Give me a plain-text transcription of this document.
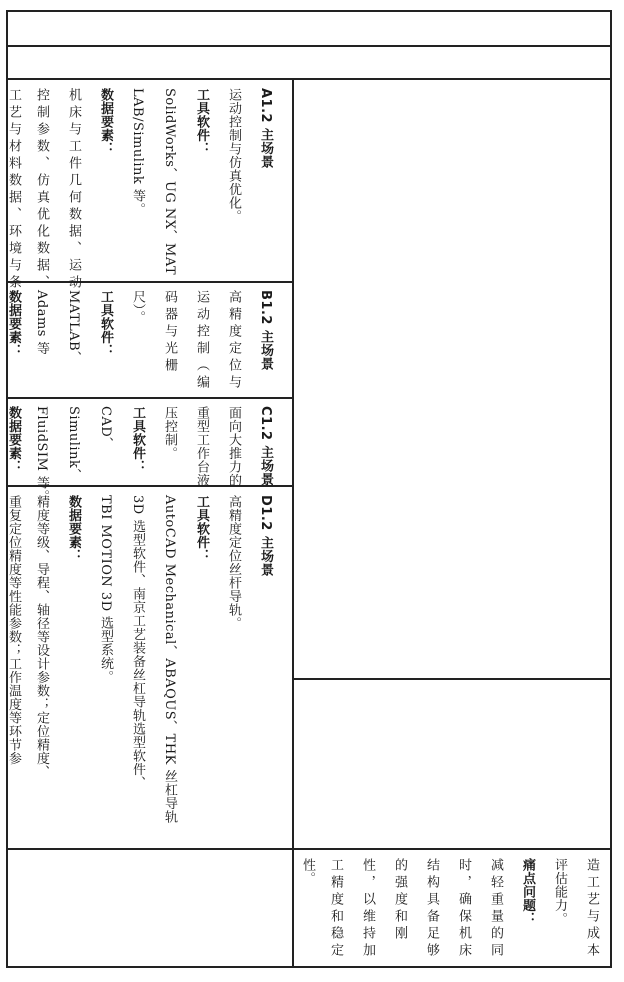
A1.2 主场景
运动控制与仿真优化。
工具软件：
SolidWorks、UG NX、MAT
LAB/Simulink 等。
数据要素：
机床与工件几何数据、运动
控制参数、仿真优化数据、
工艺与材料数据、环境与条
B1.2 主场景
高精度定位与
运动控制（编
码器与光栅
尺）。
工具软件：
MATLAB、
Adams 等
数据要素：
C1.2 主场景
面向大推力的
重型工作台液
压控制。
工具软件：
CAD、
Simulink、
FluidSIM 等。
数据要素：
D1.2 主场景
高精度定位丝杆导轨。
工具软件：
AutoCAD Mechanical、ABAQUS、THK 丝杠导轨
3D 选型软件、南京工艺装备丝杠导轨选型软件、
TBI MOTION 3D 选型系统。
数据要素：
精度等级、导程、轴径等设计参数；定位精度、
重复定位精度等性能参数；工作温度等环节参
造工艺与成本
评估能力。
痛点问题：
减轻重量的同
时，确保机床
结构具备足够
的强度和刚
性，以维持加
工精度和稳定
性。
